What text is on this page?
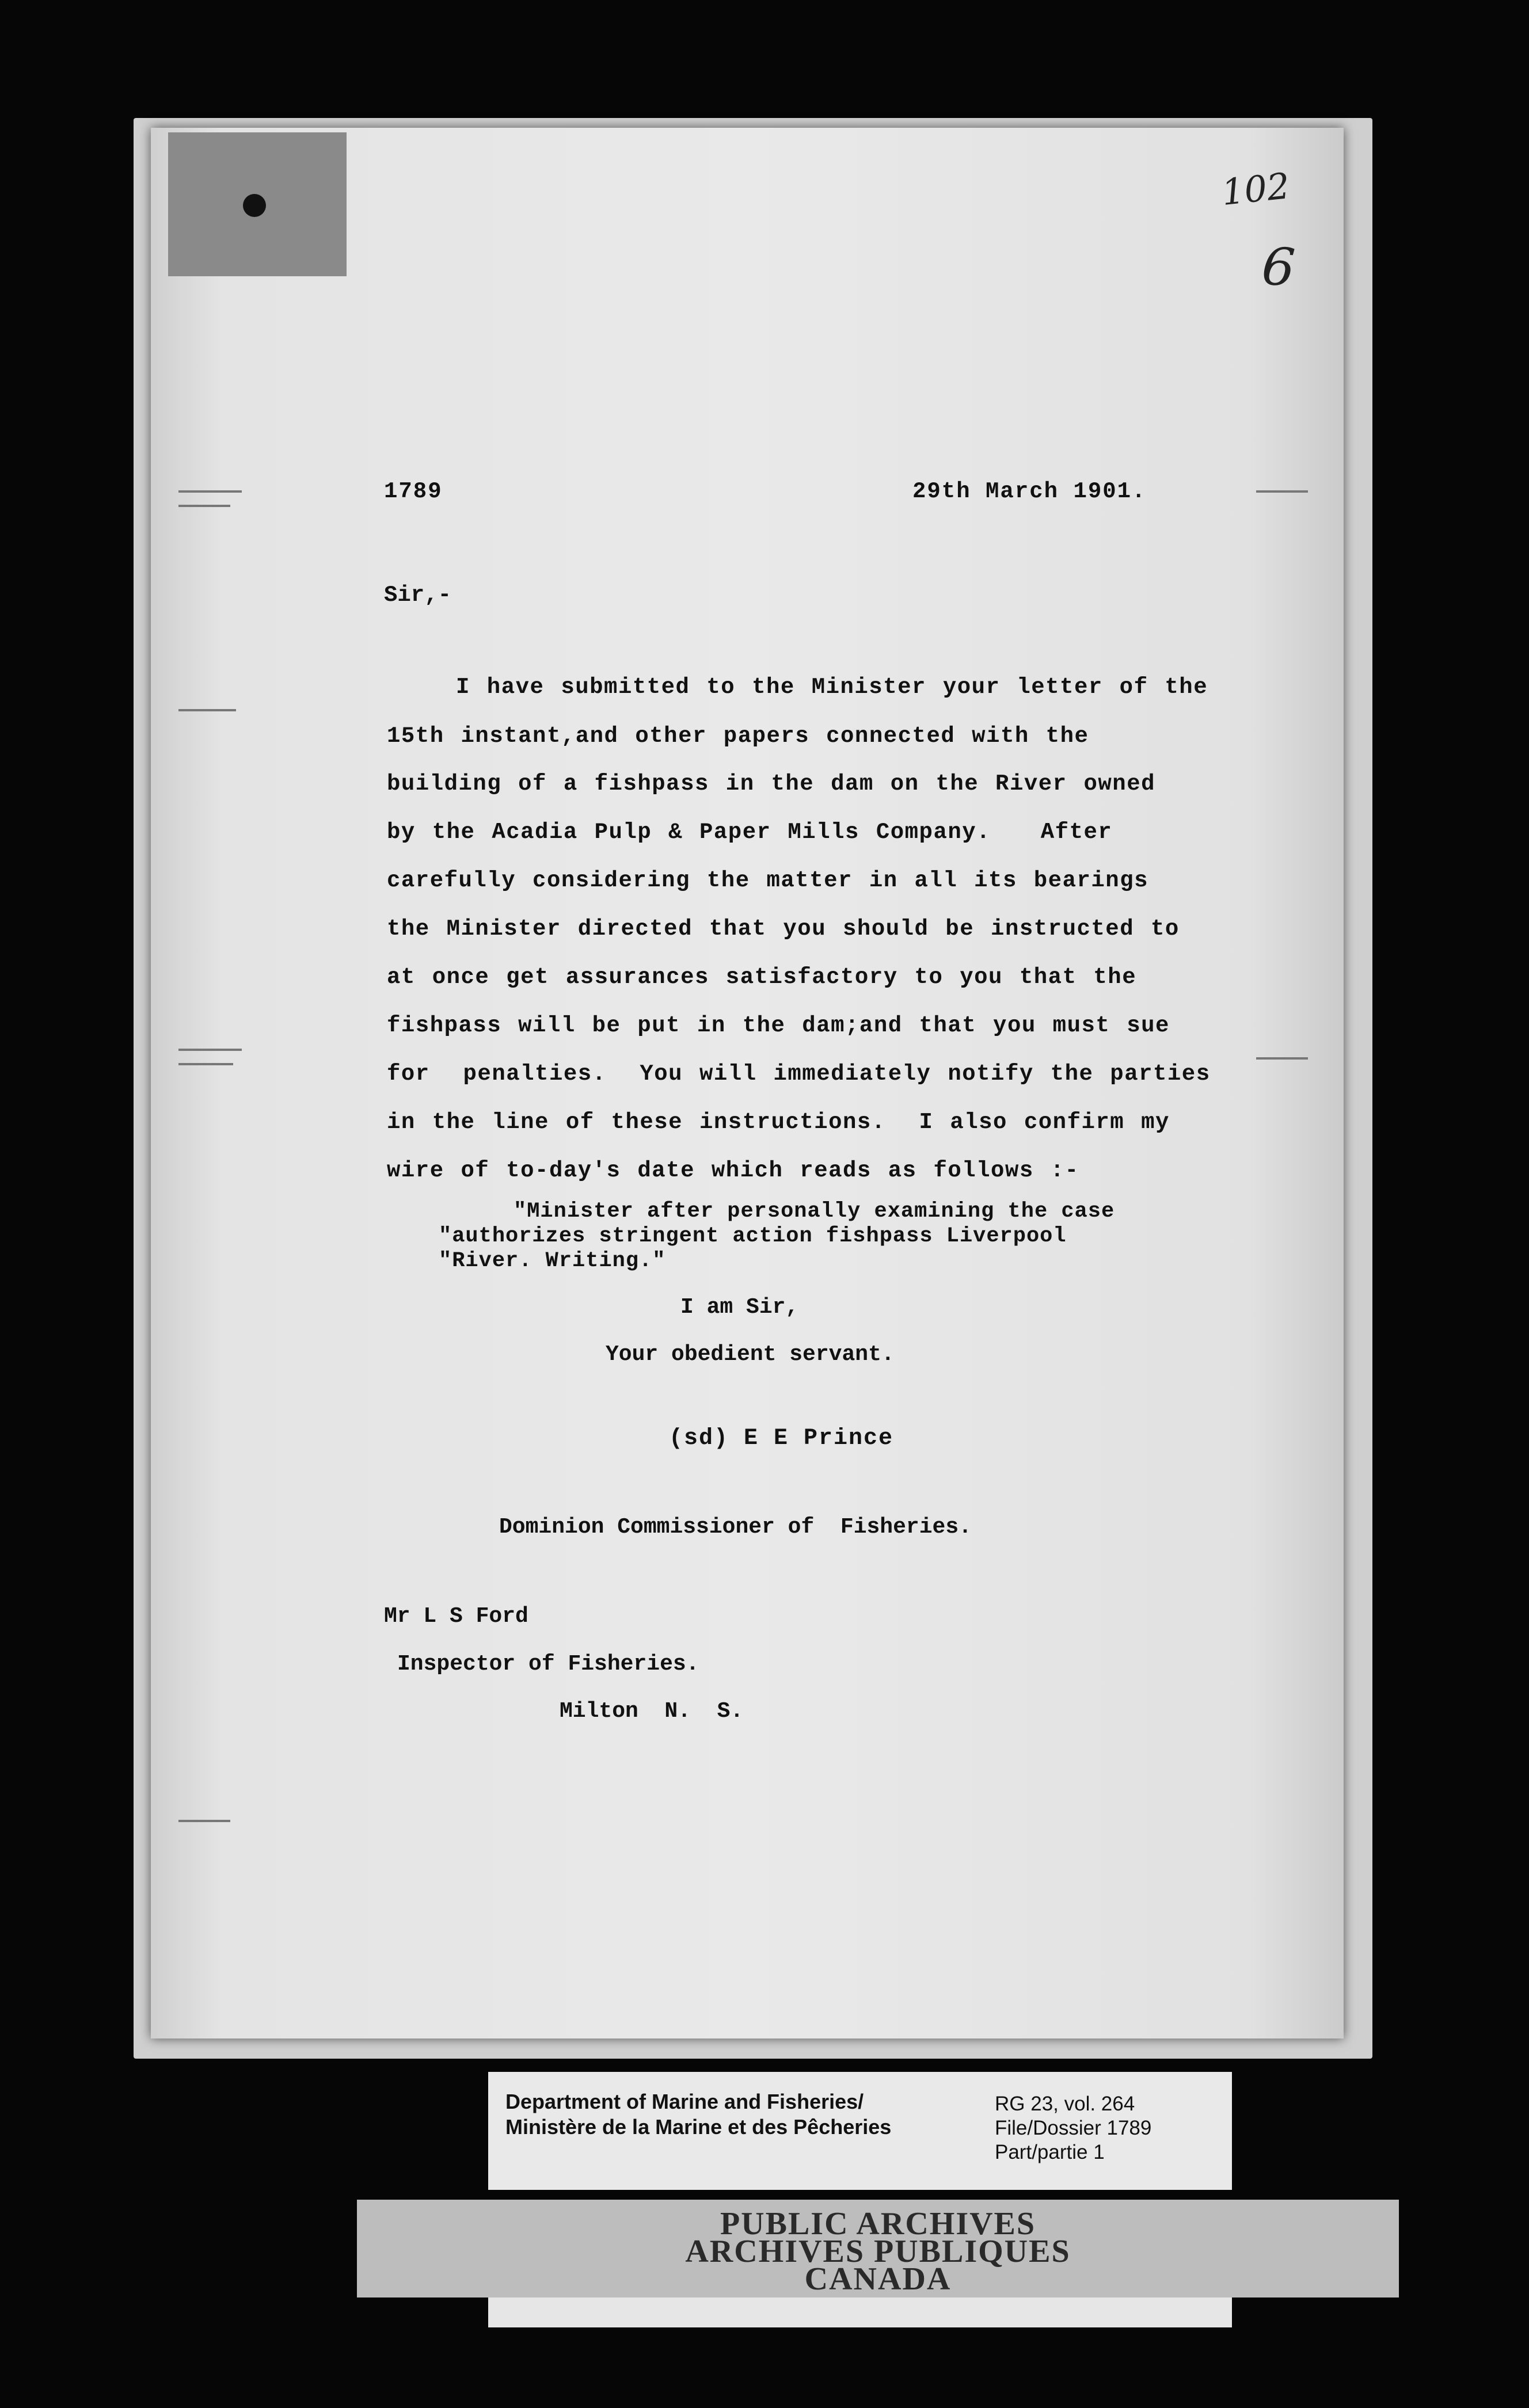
102
6
1789	29th March 1901.
Sir,-
I have submitted to the Minister your letter of the
15th instant,and other papers connected with the
building of a fishpass in the dam on the River owned
by the Acadia Pulp & Paper Mills Company.   After
carefully considering the matter in all its bearings
the Minister directed that you should be instructed to
at once get assurances satisfactory to you that the
fishpass will be put in the dam;and that you must sue
for  penalties.  You will immediately notify the parties
in the line of these instructions.  I also confirm my
wire of to-day's date which reads as follows :-
"Minister after personally examining the case
"authorizes stringent action fishpass Liverpool
"River. Writing."
I am Sir,
Your obedient servant.
(sd) E E Prince
Dominion Commissioner of  Fisheries.
Mr L S Ford
Inspector of Fisheries.
Milton  N.  S.
Department of Marine and Fisheries/
Ministère de la Marine et des Pêcheries
RG 23, vol. 264
File/Dossier 1789
Part/partie 1
PUBLIC ARCHIVES
ARCHIVES PUBLIQUES
CANADA
